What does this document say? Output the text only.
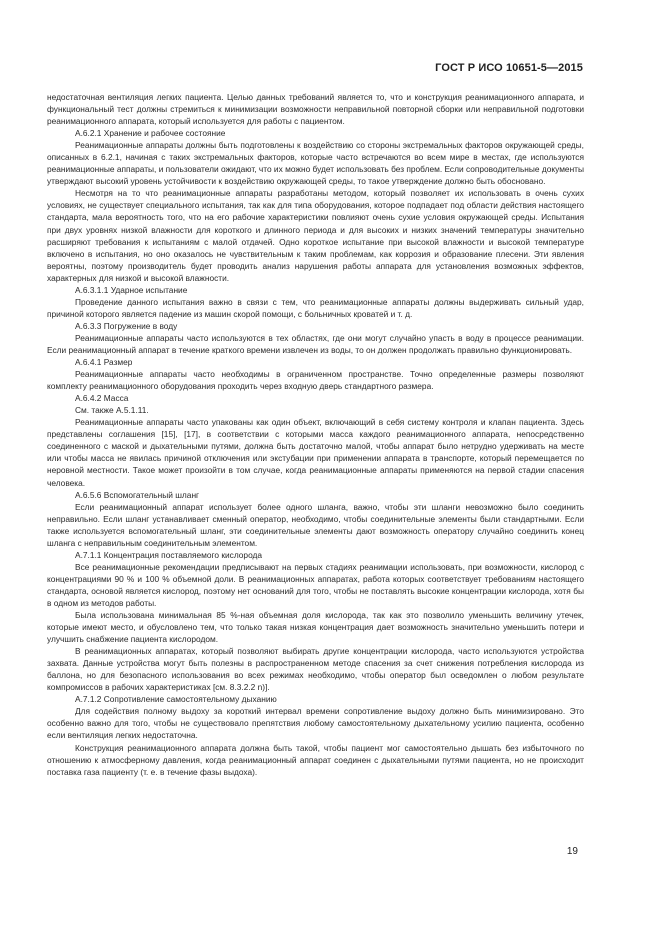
ГОСТ Р ИСО 10651-5—2015

недостаточная вентиляция легких пациента. Целью данных требований является то, что и конструкция реанимационного аппарата, и функциональный тест должны стремиться к минимизации возможности неправильной повторной сборки или неправильной подготовки реанимационного аппарата, который используется для работы с пациентом.

А.6.2.1 Хранение и рабочее состояние

Реанимационные аппараты должны быть подготовлены к воздействию со стороны экстремальных факторов окружающей среды, описанных в 6.2.1, начиная с таких экстремальных факторов, которые часто встречаются во всем мире в местах, где используются реанимационные аппараты, и пользователи ожидают, что их можно будет использовать без проблем. Если сопроводительные документы утверждают высокий уровень устойчивости к воздействию окружающей среды, то такое утверждение должно быть обосновано.

Несмотря на то что реанимационные аппараты разработаны методом, который позволяет их использовать в очень сухих условиях, не существует специального испытания, так как для типа оборудования, которое подпадает под области действия настоящего стандарта, мала вероятность того, что на его рабочие характеристики повлияют очень сухие условия окружающей среды. Испытания при двух уровнях низкой влажности для короткого и длинного периода и для высоких и низких значений температуры значительно расширяют требования к испытаниям с малой отдачей. Одно короткое испытание при высокой влажности и высокой температуре включено в испытания, но оно оказалось не чувствительным к таким проблемам, как коррозия и образование плесени. Эти явления вероятны, поэтому производитель будет проводить анализ нарушения работы аппарата для установления возможных эффектов, характерных для низкой и высокой влажности.

А.6.3.1.1 Ударное испытание

Проведение данного испытания важно в связи с тем, что реанимационные аппараты должны выдерживать сильный удар, причиной которого является падение из машин скорой помощи, с больничных кроватей и т. д.

А.6.3.3 Погружение в воду

Реанимационные аппараты часто используются в тех областях, где они могут случайно упасть в воду в процессе реанимации. Если реанимационный аппарат в течение краткого времени извлечен из воды, то он должен продолжать правильно функционировать.

А.6.4.1 Размер

Реанимационные аппараты часто необходимы в ограниченном пространстве. Точно определенные размеры позволяют комплекту реанимационного оборудования проходить через входную дверь стандартного размера.

А.6.4.2 Масса

См. также А.5.1.11.

Реанимационные аппараты часто упакованы как один объект, включающий в себя систему контроля и клапан пациента. Здесь представлены соглашения [15], [17], в соответствии с которыми масса каждого реанимационного аппарата, непосредственно соединенного с маской и дыхательными путями, должна быть достаточно малой, чтобы аппарат было нетрудно удерживать на месте или чтобы масса не явилась причиной отключения или экстубации при применении аппарата в транспорте, который перемещается по неровной местности. Такое может произойти в том случае, когда реанимационные аппараты применяются на первой стадии спасения человека.

А.6.5.6 Вспомогательный шланг

Если реанимационный аппарат использует более одного шланга, важно, чтобы эти шланги невозможно было соединить неправильно. Если шланг устанавливает сменный оператор, необходимо, чтобы соединительные элементы были стандартными. Если также используется вспомогательный шланг, эти соединительные элементы дают возможность оператору случайно соединить конец шланга с неправильным соединительным элементом.

А.7.1.1 Концентрация поставляемого кислорода

Все реанимационные рекомендации предписывают на первых стадиях реанимации использовать, при возможности, кислород с концентрациями 90 % и 100 % объемной доли. В реанимационных аппаратах, работа которых соответствует требованиям настоящего стандарта, основой является кислород, поэтому нет оснований для того, чтобы не поставлять высокие концентрации кислорода, хотя бы в одном из методов работы.

Была использована минимальная 85 %-ная объемная доля кислорода, так как это позволило уменьшить величину утечек, которые имеют место, и обусловлено тем, что только такая низкая концентрация дает возможность значительно уменьшить потери и улучшить снабжение пациента кислородом.

В реанимационных аппаратах, который позволяют выбирать другие концентрации кислорода, часто используются устройства захвата. Данные устройства могут быть полезны в распространенном методе спасения за счет снижения потребления кислорода из баллона, но для безопасного использования во всех режимах необходимо, чтобы оператор был осведомлен о любом результате компромиссов в рабочих характеристиках [см. 8.3.2.2 n)].

А.7.1.2 Сопротивление самостоятельному дыханию

Для содействия полному выдоху за короткий интервал времени сопротивление выдоху должно быть минимизировано. Это особенно важно для того, чтобы не существовало препятствия любому самостоятельному дыхательному усилию пациента, особенно если вентиляция легких недостаточна.

Конструкция реанимационного аппарата должна быть такой, чтобы пациент мог самостоятельно дышать без избыточного по отношению к атмосферному давления, когда реанимационный аппарат соединен с дыхательными путями пациента, но не происходит поставка газа пациенту (т. е. в течение фазы выдоха).

19
